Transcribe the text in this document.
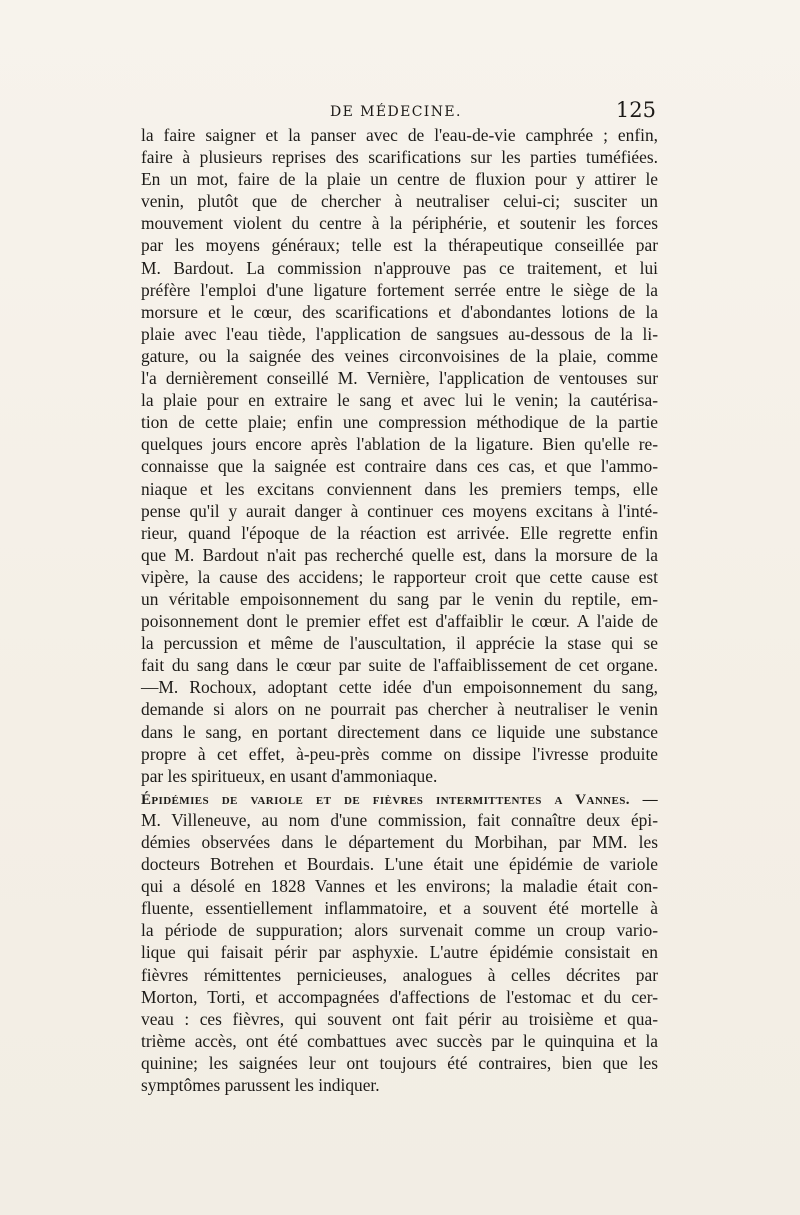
DE MÉDECINE.	125
la faire saigner et la panser avec de l'eau-de-vie camphrée ; enfin,
faire à plusieurs reprises des scarifications sur les parties tuméfiées.
En un mot, faire de la plaie un centre de fluxion pour y attirer le
venin, plutôt que de chercher à neutraliser celui-ci; susciter un
mouvement violent du centre à la périphérie, et soutenir les forces
par les moyens généraux; telle est la thérapeutique conseillée par
M. Bardout. La commission n'approuve pas ce traitement, et lui
préfère l'emploi d'une ligature fortement serrée entre le siège de la
morsure et le cœur, des scarifications et d'abondantes lotions de la
plaie avec l'eau tiède, l'application de sangsues au-dessous de la li-
gature, ou la saignée des veines circonvoisines de la plaie, comme
l'a dernièrement conseillé M. Vernière, l'application de ventouses sur
la plaie pour en extraire le sang et avec lui le venin; la cautérisa-
tion de cette plaie; enfin une compression méthodique de la partie
quelques jours encore après l'ablation de la ligature. Bien qu'elle re-
connaisse que la saignée est contraire dans ces cas, et que l'ammo-
niaque et les excitans conviennent dans les premiers temps, elle
pense qu'il y aurait danger à continuer ces moyens excitans à l'inté-
rieur, quand l'époque de la réaction est arrivée. Elle regrette enfin
que M. Bardout n'ait pas recherché quelle est, dans la morsure de la
vipère, la cause des accidens; le rapporteur croit que cette cause est
un véritable empoisonnement du sang par le venin du reptile, em-
poisonnement dont le premier effet est d'affaiblir le cœur. A l'aide de
la percussion et même de l'auscultation, il apprécie la stase qui se
fait du sang dans le cœur par suite de l'affaiblissement de cet organe.
—M. Rochoux, adoptant cette idée d'un empoisonnement du sang,
demande si alors on ne pourrait pas chercher à neutraliser le venin
dans le sang, en portant directement dans ce liquide une substance
propre à cet effet, à-peu-près comme on dissipe l'ivresse produite
par les spiritueux, en usant d'ammoniaque.
Épidémies de variole et de fièvres intermittentes a Vannes. —
M. Villeneuve, au nom d'une commission, fait connaître deux épi-
démies observées dans le département du Morbihan, par MM. les
docteurs Botrehen et Bourdais. L'une était une épidémie de variole
qui a désolé en 1828 Vannes et les environs; la maladie était con-
fluente, essentiellement inflammatoire, et a souvent été mortelle à
la période de suppuration; alors survenait comme un croup vario-
lique qui faisait périr par asphyxie. L'autre épidémie consistait en
fièvres rémittentes pernicieuses, analogues à celles décrites par
Morton, Torti, et accompagnées d'affections de l'estomac et du cer-
veau : ces fièvres, qui souvent ont fait périr au troisième et qua-
trième accès, ont été combattues avec succès par le quinquina et la
quinine; les saignées leur ont toujours été contraires, bien que les
symptômes parussent les indiquer.
